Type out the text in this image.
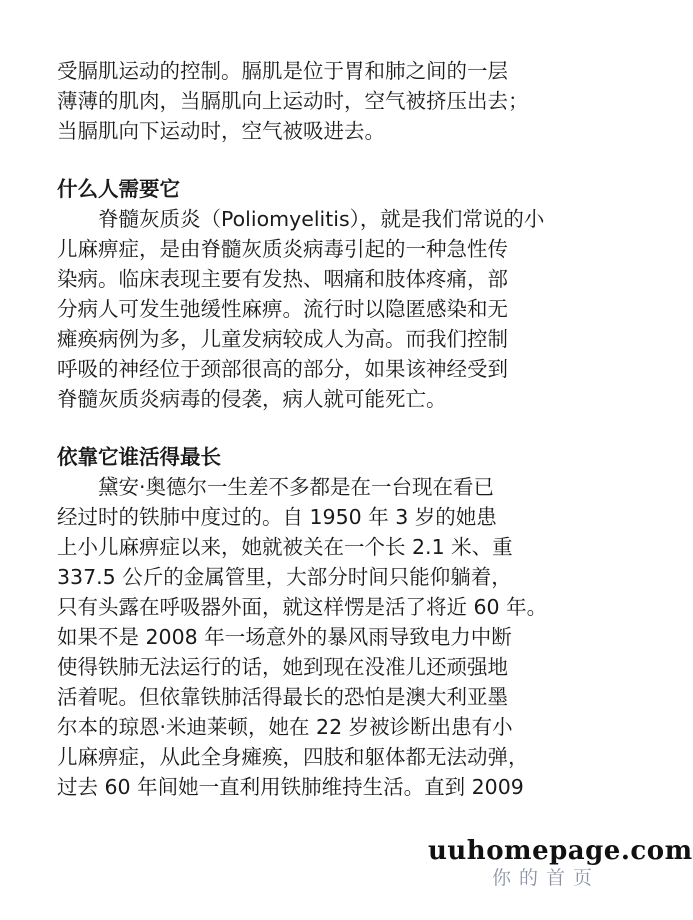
受膈肌运动的控制。膈肌是位于胃和肺之间的一层
薄薄的肌肉，当膈肌向上运动时，空气被挤压出去；
当膈肌向下运动时，空气被吸进去。
什么人需要它
脊髓灰质炎（Poliomyelitis），就是我们常说的小
儿麻痹症，是由脊髓灰质炎病毒引起的一种急性传
染病。临床表现主要有发热、咽痛和肢体疼痛，部
分病人可发生弛缓性麻痹。流行时以隐匿感染和无
瘫痪病例为多，儿童发病较成人为高。而我们控制
呼吸的神经位于颈部很高的部分，如果该神经受到
脊髓灰质炎病毒的侵袭，病人就可能死亡。
依靠它谁活得最长
黛安·奥德尔一生差不多都是在一台现在看已
经过时的铁肺中度过的。自 1950 年 3 岁的她患
上小儿麻痹症以来，她就被关在一个长 2.1 米、重
337.5 公斤的金属管里，大部分时间只能仰躺着，
只有头露在呼吸器外面，就这样愣是活了将近 60 年。
如果不是 2008 年一场意外的暴风雨导致电力中断
使得铁肺无法运行的话，她到现在没准儿还顽强地
活着呢。但依靠铁肺活得最长的恐怕是澳大利亚墨
尔本的琼恩·米迪莱顿，她在 22 岁被诊断出患有小
儿麻痹症，从此全身瘫痪，四肢和躯体都无法动弹，
过去 60 年间她一直利用铁肺维持生活。直到 2009
uuhomepage.com
你的首页
